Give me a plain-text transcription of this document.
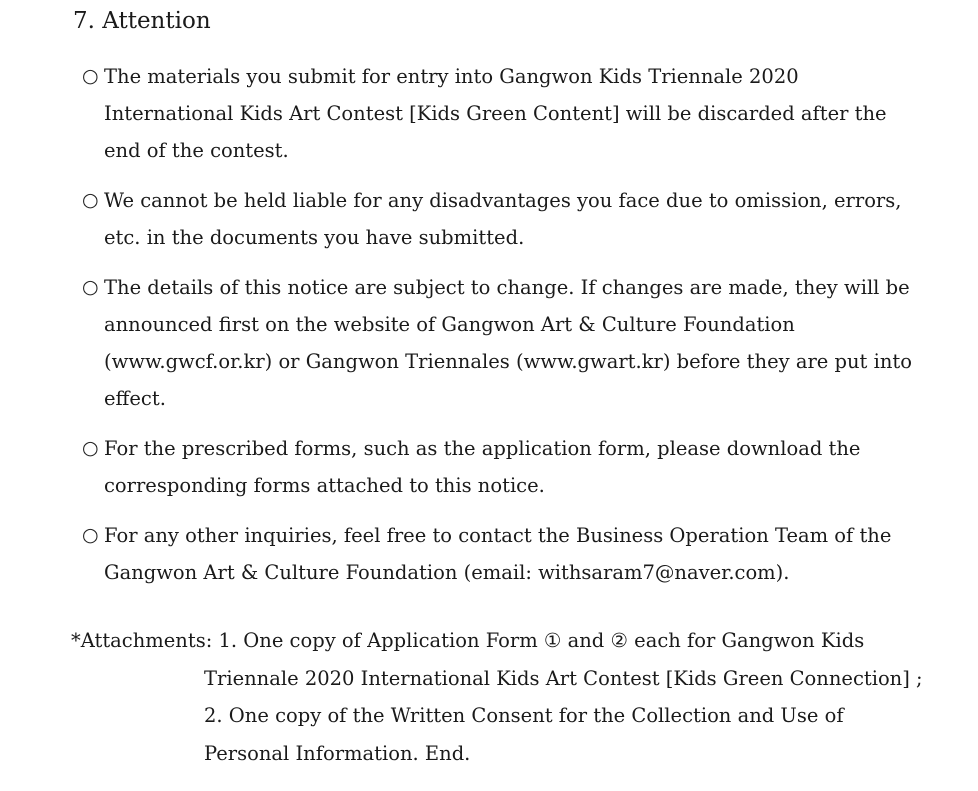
7. Attention
○ The materials you submit for entry into Gangwon Kids Triennale 2020 International Kids Art Contest [Kids Green Content] will be discarded after the end of the contest.
○ We cannot be held liable for any disadvantages you face due to omission, errors, etc. in the documents you have submitted.
○ The details of this notice are subject to change. If changes are made, they will be announced first on the website of Gangwon Art & Culture Foundation (www.gwcf.or.kr) or Gangwon Triennales (www.gwart.kr) before they are put into effect.
○ For the prescribed forms, such as the application form, please download the corresponding forms attached to this notice.
○ For any other inquiries, feel free to contact the Business Operation Team of the Gangwon Art & Culture Foundation (email: withsaram7@naver.com).
*Attachments: 1. One copy of Application Form ① and ② each for Gangwon Kids Triennale 2020 International Kids Art Contest [Kids Green Connection] ; 2. One copy of the Written Consent for the Collection and Use of Personal Information. End.
